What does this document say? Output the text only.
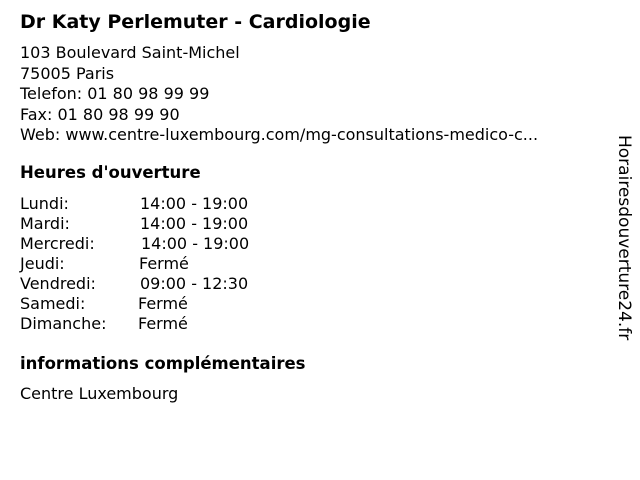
Dr Katy Perlemuter - Cardiologie
103 Boulevard Saint-Michel
75005 Paris
Telefon: 01 80 98 99 99
Fax: 01 80 98 99 90
Web: www.centre-luxembourg.com/mg-consultations-medico-c...
Heures d'ouverture
Lundi:	14:00 - 19:00
Mardi:	14:00 - 19:00
Mercredi:	14:00 - 19:00
Jeudi:	Fermé
Vendredi:	09:00 - 12:30
Samedi:	Fermé
Dimanche: Fermé
informations complémentaires
Centre Luxembourg
Horairesdouverture24.fr
